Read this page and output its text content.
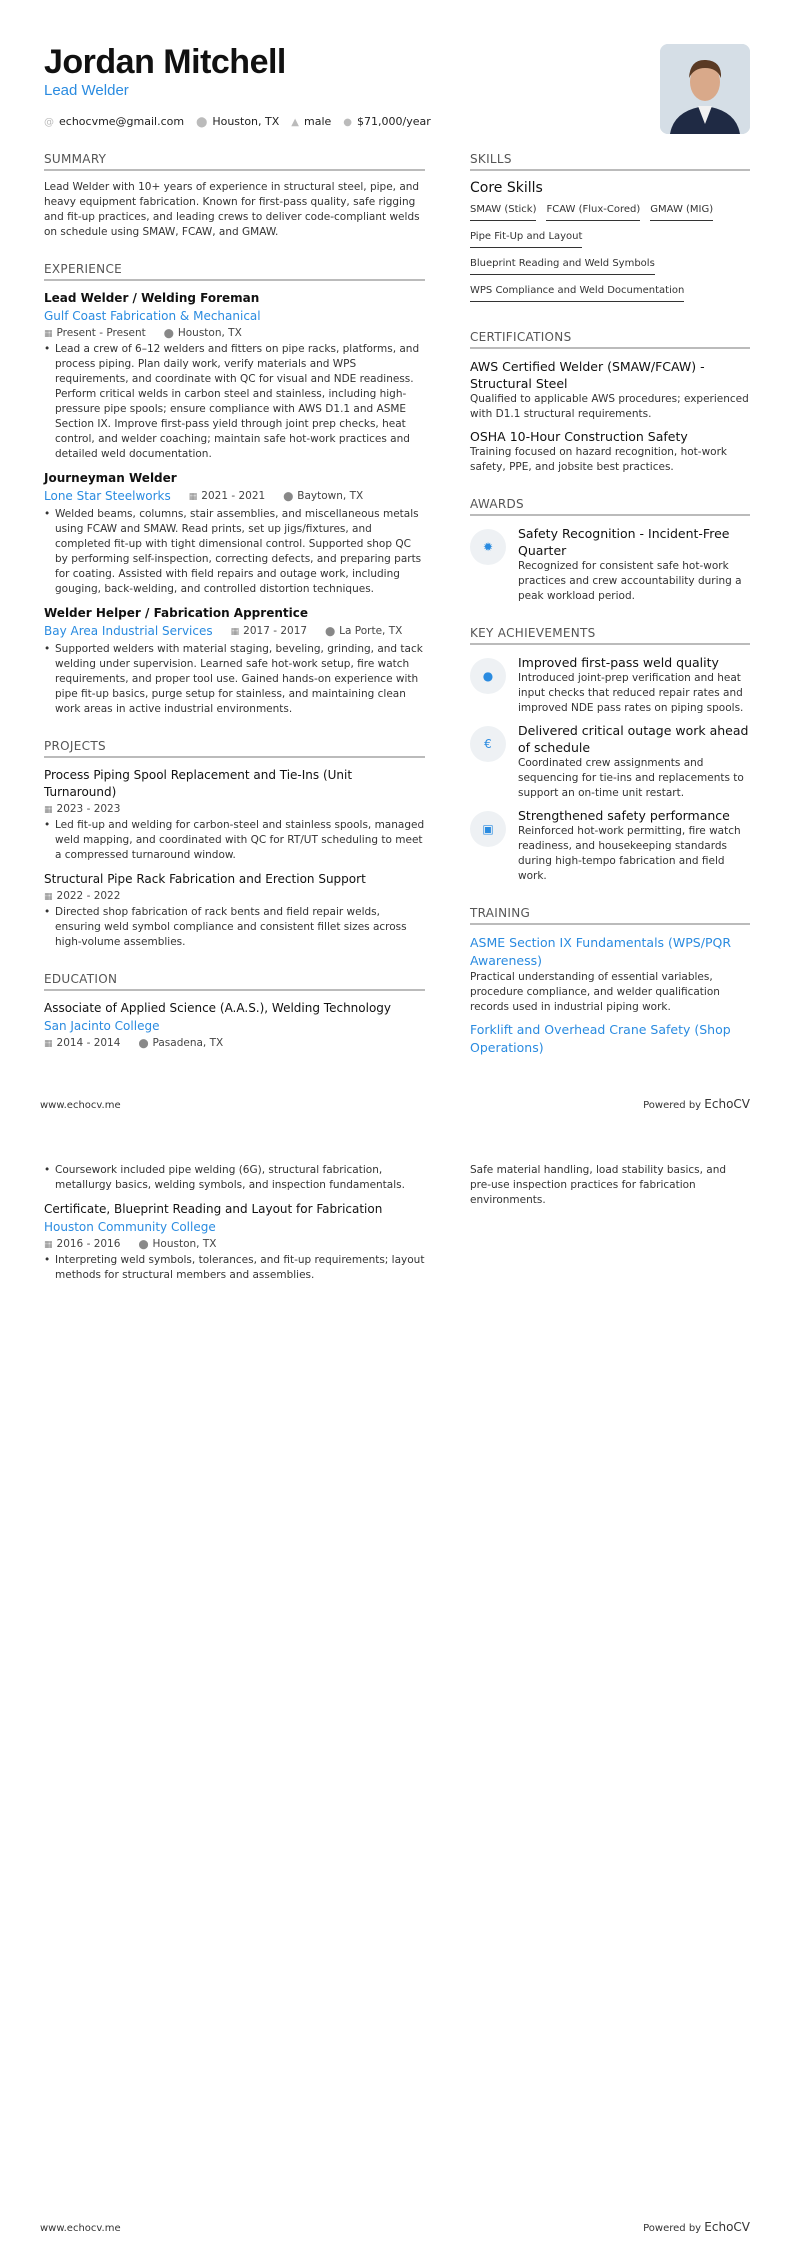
Jordan Mitchell
Lead Welder
@ echocvme@gmail.com ⬤ Houston, TX ▲ male ● $71,000/year
SUMMARY
Lead Welder with 10+ years of experience in structural steel, pipe, and heavy equipment fabrication. Known for first-pass quality, safe rigging and fit-up practices, and leading crews to deliver code-compliant welds on schedule using SMAW, FCAW, and GMAW.
EXPERIENCE
Lead Welder / Welding Foreman
Gulf Coast Fabrication & Mechanical
▦ Present - Present ⬤ Houston, TX
• Lead a crew of 6–12 welders and fitters on pipe racks, platforms, and process piping. Plan daily work, verify materials and WPS requirements, and coordinate with QC for visual and NDE readiness. Perform critical welds in carbon steel and stainless, including high-pressure pipe spools; ensure compliance with AWS D1.1 and ASME Section IX. Improve first-pass yield through joint prep checks, heat control, and welder coaching; maintain safe hot-work practices and detailed weld documentation.
Journeyman Welder
Lone Star Steelworks ▦ 2021 - 2021 ⬤ Baytown, TX
• Welded beams, columns, stair assemblies, and miscellaneous metals using FCAW and SMAW. Read prints, set up jigs/fixtures, and completed fit-up with tight dimensional control. Supported shop QC by performing self-inspection, correcting defects, and preparing parts for coating. Assisted with field repairs and outage work, including gouging, back-welding, and controlled distortion techniques.
Welder Helper / Fabrication Apprentice
Bay Area Industrial Services ▦ 2017 - 2017 ⬤ La Porte, TX
• Supported welders with material staging, beveling, grinding, and tack welding under supervision. Learned safe hot-work setup, fire watch requirements, and proper tool use. Gained hands-on experience with pipe fit-up basics, purge setup for stainless, and maintaining clean work areas in active industrial environments.
PROJECTS
Process Piping Spool Replacement and Tie-Ins (Unit Turnaround)
▦ 2023 - 2023
• Led fit-up and welding for carbon-steel and stainless spools, managed weld mapping, and coordinated with QC for RT/UT scheduling to meet a compressed turnaround window.
Structural Pipe Rack Fabrication and Erection Support
▦ 2022 - 2022
• Directed shop fabrication of rack bents and field repair welds, ensuring weld symbol compliance and consistent fillet sizes across high-volume assemblies.
EDUCATION
Associate of Applied Science (A.A.S.), Welding Technology
San Jacinto College
▦ 2014 - 2014 ⬤ Pasadena, TX
SKILLS
Core Skills
SMAW (Stick) FCAW (Flux-Cored) GMAW (MIG)
Pipe Fit-Up and Layout
Blueprint Reading and Weld Symbols
WPS Compliance and Weld Documentation
CERTIFICATIONS
AWS Certified Welder (SMAW/FCAW) - Structural Steel
Qualified to applicable AWS procedures; experienced with D1.1 structural requirements.
OSHA 10-Hour Construction Safety
Training focused on hazard recognition, hot-work safety, PPE, and jobsite best practices.
AWARDS
✹
Safety Recognition - Incident-Free Quarter
Recognized for consistent safe hot-work practices and crew accountability during a peak workload period.
KEY ACHIEVEMENTS
●
Improved first-pass weld quality
Introduced joint-prep verification and heat input checks that reduced repair rates and improved NDE pass rates on piping spools.
€
Delivered critical outage work ahead of schedule
Coordinated crew assignments and sequencing for tie-ins and replacements to support an on-time unit restart.
▣
Strengthened safety performance
Reinforced hot-work permitting, fire watch readiness, and housekeeping standards during high-tempo fabrication and field work.
TRAINING
ASME Section IX Fundamentals (WPS/PQR Awareness)
Practical understanding of essential variables, procedure compliance, and welder qualification records used in industrial piping work.
Forklift and Overhead Crane Safety (Shop Operations)
www.echocv.me	Powered by EchoCV
• Coursework included pipe welding (6G), structural fabrication, metallurgy basics, welding symbols, and inspection fundamentals.
Certificate, Blueprint Reading and Layout for Fabrication
Houston Community College
▦ 2016 - 2016 ⬤ Houston, TX
• Interpreting weld symbols, tolerances, and fit-up requirements; layout methods for structural members and assemblies.
Safe material handling, load stability basics, and pre-use inspection practices for fabrication environments.
www.echocv.me	Powered by EchoCV
